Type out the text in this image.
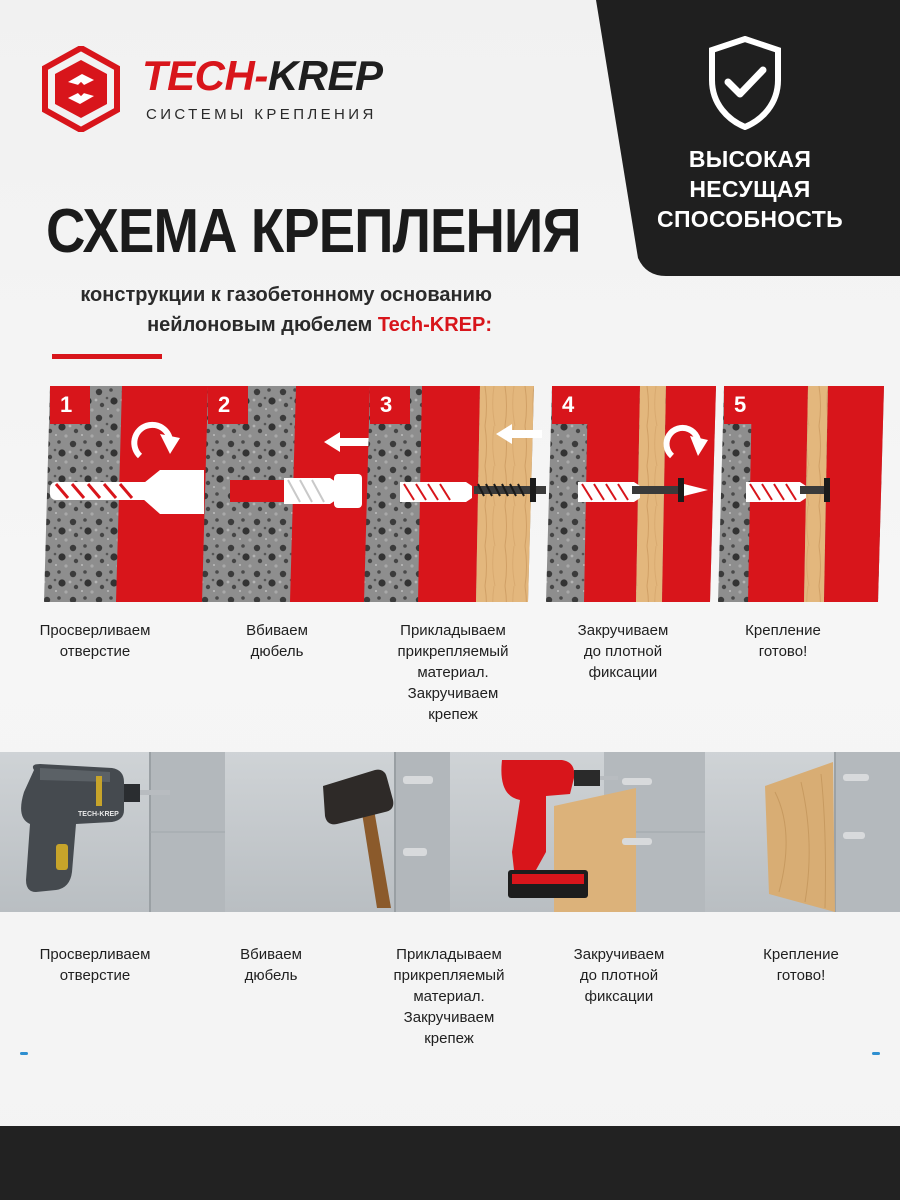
TECH-KREP
СИСТЕМЫ КРЕПЛЕНИЯ
ВЫСОКАЯ
НЕСУЩАЯ
СПОСОБНОСТЬ
СХЕМА КРЕПЛЕНИЯ
конструкции к газобетонному основанию
нейлоновым дюбелем Tech-KREP:
1	2	3	4	5
Просверливаем
отверстие
Вбиваем
дюбель
Прикладываем
прикрепляемый
материал.
Закручиваем
крепеж
Закручиваем
до плотной
фиксации
Крепление
готово!
TECH-KREP
Просверливаем
отверстие
Вбиваем
дюбель
Прикладываем
прикрепляемый
материал.
Закручиваем
крепеж
Закручиваем
до плотной
фиксации
Крепление
готово!
